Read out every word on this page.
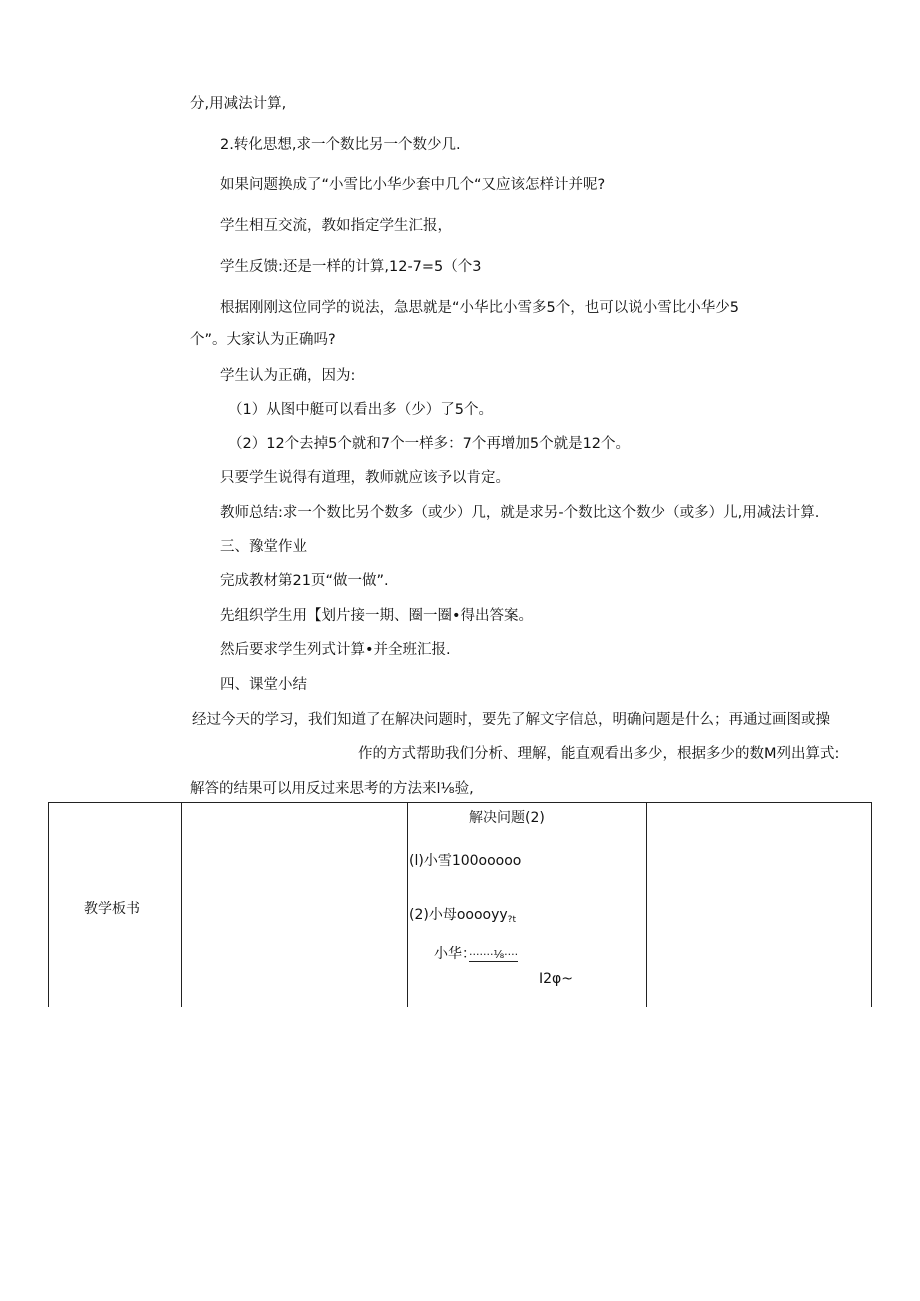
分,用减法计算,
2.转化思想,求一个数比另一个数少几.
如果问题换成了“小雪比小华少套中几个“又应该怎样计并呢?
学生相互交流，教如指定学生汇报，
学生反馈:还是一样的计算,12-7=5（个3
根据刚刚这位同学的说法，急思就是“小华比小雪多5个，也可以说小雪比小华少5
个”。大家认为正确吗?
学生认为正确，因为:
（1）从图中艇可以看出多（少）了5个。
（2）12个去掉5个就和7个一样多：7个再增加5个就是12个。
只要学生说得有道理，教师就应该予以肯定。
教师总结:求一个数比另个数多（或少）几，就是求另-个数比这个数少（或多）儿,用减法计算.
三、豫堂作业
完成教材第21页“做一做”.
先组织学生用【划片接一期、圈一圈•得出答案。
然后要求学生列式计算•并全班汇报.
四、课堂小结
经过今天的学习，我们知道了在解决问题时，要先了解文字信总，明确问题是什么；再通过画图或操
作的方式帮助我们分析、理解，能直观看出多少，根据多少的数M列出算式:
解答的结果可以用反过来思考的方法来l⅛验,
教学板书
解决问题(2)
(l)小雪100ooooo
(2)小母ooooyy$_{?t}$
小华：·······⅛····
I2φ~
